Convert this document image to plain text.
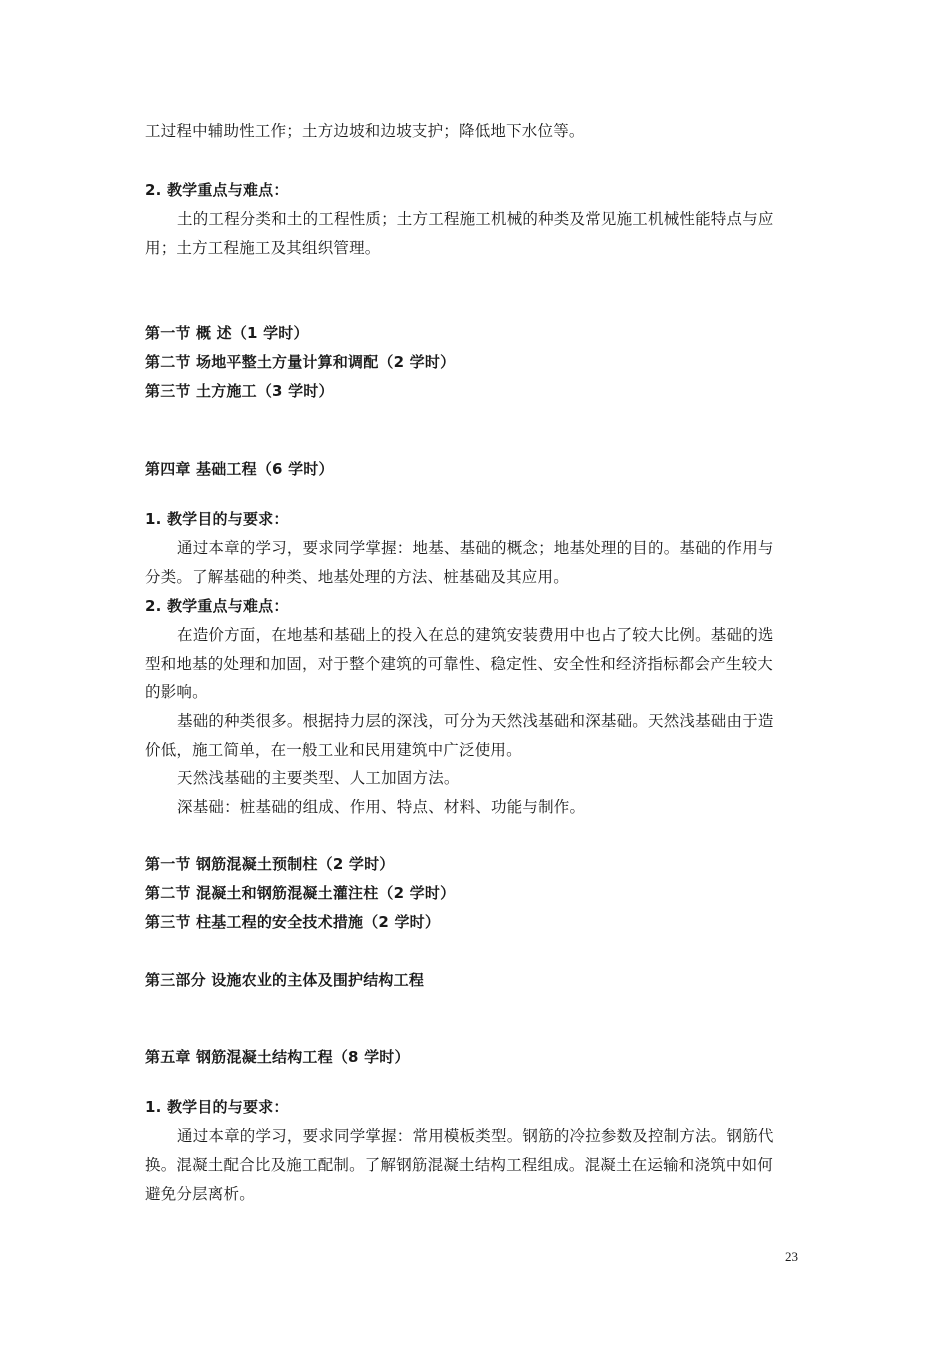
工过程中辅助性工作；土方边坡和边坡支护；降低地下水位等。
2. 教学重点与难点：
土的工程分类和土的工程性质；土方工程施工机械的种类及常见施工机械性能特点与应
用；土方工程施工及其组织管理。
第一节 概 述（1 学时）
第二节 场地平整土方量计算和调配（2 学时）
第三节 土方施工（3 学时）
第四章 基础工程（6 学时）
1. 教学目的与要求：
通过本章的学习，要求同学掌握：地基、基础的概念；地基处理的目的。基础的作用与
分类。了解基础的种类、地基处理的方法、桩基础及其应用。
2. 教学重点与难点：
在造价方面，在地基和基础上的投入在总的建筑安装费用中也占了较大比例。基础的选
型和地基的处理和加固，对于整个建筑的可靠性、稳定性、安全性和经济指标都会产生较大
的影响。
基础的种类很多。根据持力层的深浅，可分为天然浅基础和深基础。天然浅基础由于造
价低，施工简单，在一般工业和民用建筑中广泛使用。
天然浅基础的主要类型、人工加固方法。
深基础：桩基础的组成、作用、特点、材料、功能与制作。
第一节 钢筋混凝土预制柱（2 学时）
第二节 混凝土和钢筋混凝土灌注柱（2 学时）
第三节 柱基工程的安全技术措施（2 学时）
第三部分 设施农业的主体及围护结构工程
第五章 钢筋混凝土结构工程（8 学时）
1. 教学目的与要求：
通过本章的学习，要求同学掌握：常用模板类型。钢筋的冷拉参数及控制方法。钢筋代
换。混凝土配合比及施工配制。了解钢筋混凝土结构工程组成。混凝土在运输和浇筑中如何
避免分层离析。
23
